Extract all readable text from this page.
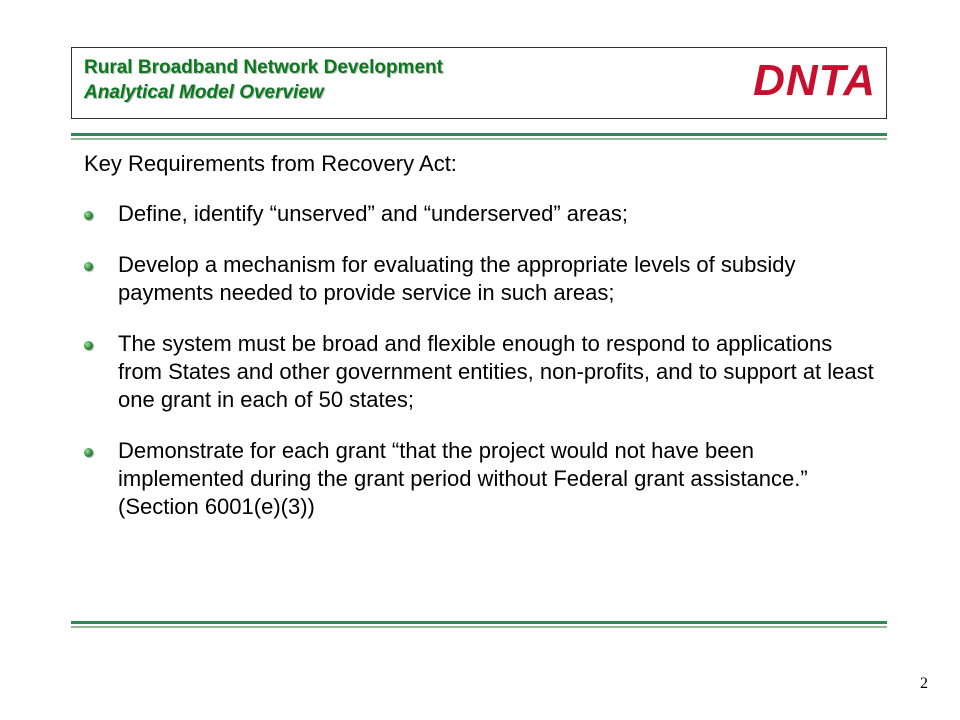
Rural Broadband Network Development
Analytical Model Overview	DNTA
Key Requirements from Recovery Act:
Define, identify “unserved” and “underserved” areas;
Develop a mechanism for evaluating the appropriate levels of subsidy payments needed to provide service in such areas;
The system must be broad and flexible enough to respond to applications from States and other government entities, non-profits, and to support at least one grant in each of 50 states;
Demonstrate for each grant “that the project would not have been implemented during the grant period without Federal grant assistance.” (Section 6001(e)(3))
2
